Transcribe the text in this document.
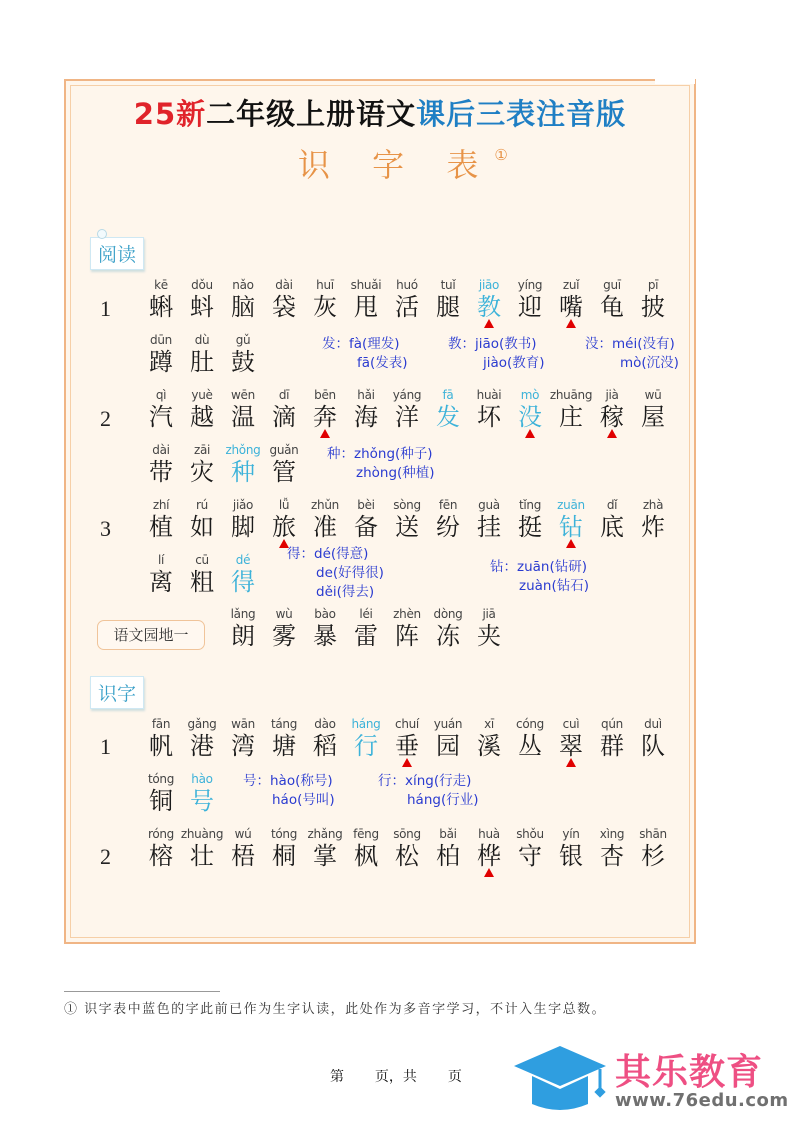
25新二年级上册语文课后三表注音版
识 字 表①
阅读
识字
语文园地一
1
2
3
1
2
kē
蝌
dǒu
蚪
nǎo
脑
dài
袋
huī
灰
shuǎi
甩
huó
活
tuǐ
腿
jiāo
教
yíng
迎
zuǐ
嘴
guī
龟
pī
披
dūn
蹲
dù
肚
gǔ
鼓
qì
汽
yuè
越
wēn
温
dī
滴
bēn
奔
hǎi
海
yáng
洋
fā
发
huài
坏
mò
没
zhuāng
庄
jià
稼
wū
屋
dài
带
zāi
灾
zhǒng
种
guǎn
管
zhí
植
rú
如
jiǎo
脚
lǚ
旅
zhǔn
准
bèi
备
sòng
送
fēn
纷
guà
挂
tǐng
挺
zuān
钻
dǐ
底
zhà
炸
lí
离
cū
粗
dé
得
lǎng
朗
wù
雾
bào
暴
léi
雷
zhèn
阵
dòng
冻
jiā
夹
fān
帆
gǎng
港
wān
湾
táng
塘
dào
稻
háng
行
chuí
垂
yuán
园
xī
溪
cóng
丛
cuì
翠
qún
群
duì
队
tóng
铜
hào
号
róng
榕
zhuàng
壮
wú
梧
tóng
桐
zhǎng
掌
fēng
枫
sōng
松
bǎi
柏
huà
桦
shǒu
守
yín
银
xìng
杏
shān
杉
发：fà(理发)
fā(发表)
教：jiāo(教书)
jiào(教育)
没：méi(没有)
mò(沉没)
种：zhǒng(种子)
zhòng(种植)
得：dé(得意)
de(好得很)
děi(得去)
钻：zuān(钻研)
zuàn(钻石)
号：hào(称号)
háo(号叫)
行：xíng(行走)
háng(行业)
① 识字表中蓝色的字此前已作为生字认读，此处作为多音字学习，不计入生字总数。
第 页，共 页	其乐教育
www.76edu.com
